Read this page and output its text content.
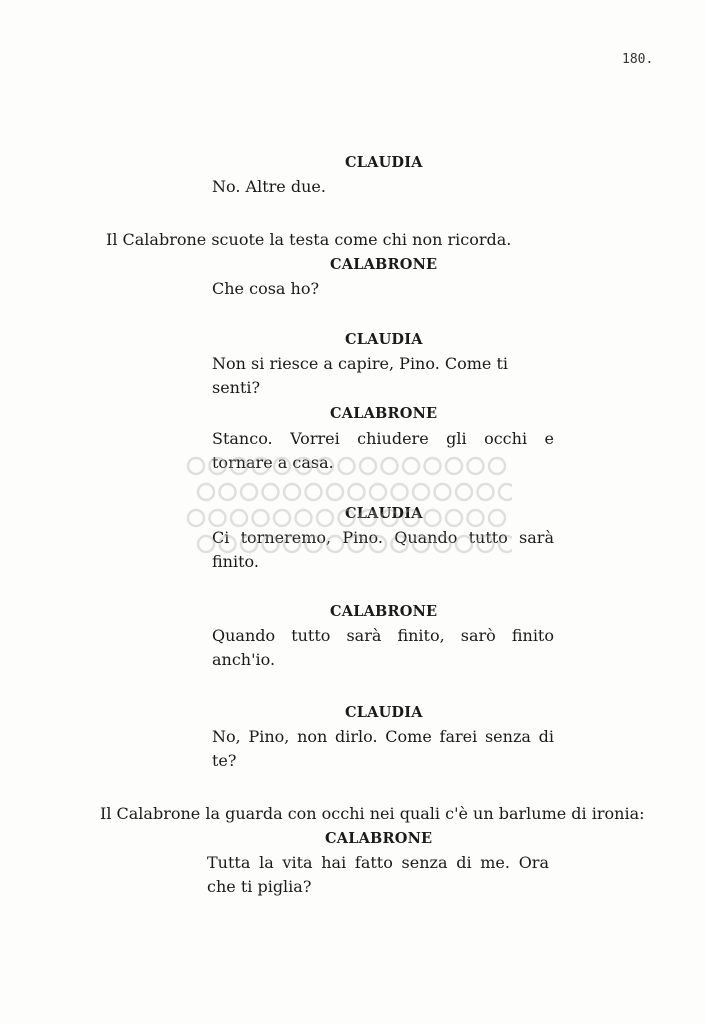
180.
CLAUDIA
No. Altre due.
Il Calabrone scuote la testa come chi non ricorda.
CALABRONE
Che cosa ho?
CLAUDIA
Non si riesce a capire, Pino. Come ti senti?
CALABRONE
Stanco. Vorrei chiudere gli occhi e tornare a casa.
CLAUDIA
Ci torneremo, Pino. Quando tutto sarà finito.
CALABRONE
Quando tutto sarà finito, sarò finito anch'io.
CLAUDIA
No, Pino, non dirlo. Come farei senza di te?
Il Calabrone la guarda con occhi nei quali c'è un barlume di ironia:
CALABRONE
Tutta la vita hai fatto senza di me. Ora che ti piglia?
